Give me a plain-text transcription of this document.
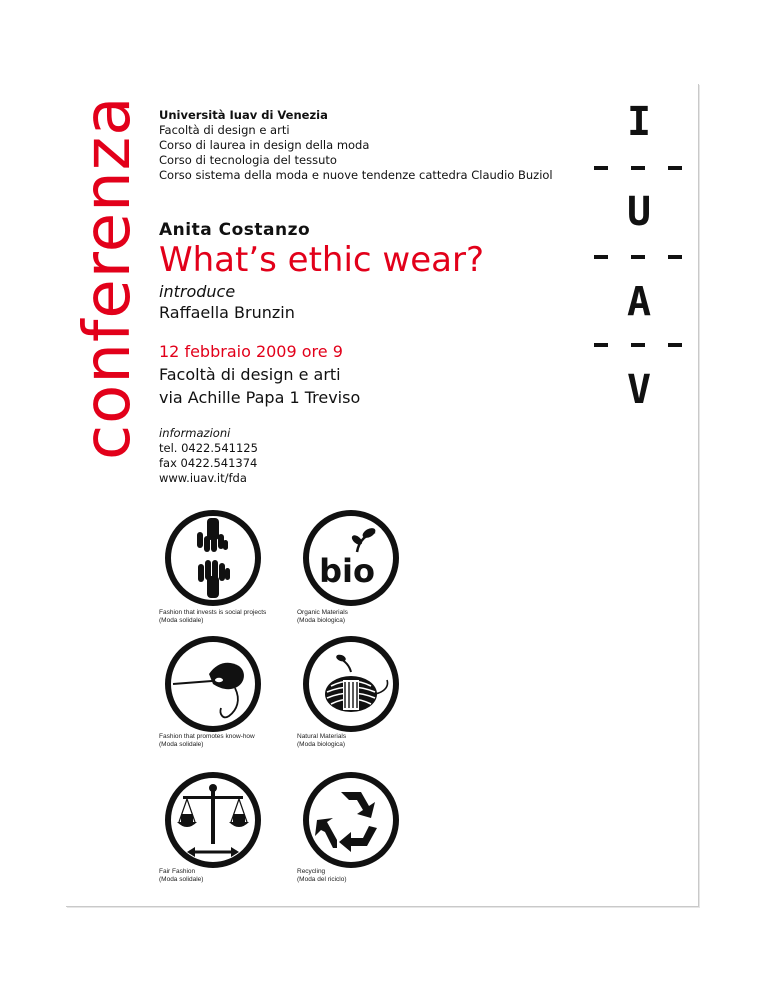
conferenza Università Iuav di Venezia
Facoltà di design e arti
Corso di laurea in design della moda
Corso di tecnologia del tessuto
Corso sistema della moda e nuove tendenze cattedra Claudio Buziol
Anita Costanzo
What’s ethic wear?
introduce
Raffaella Brunzin
12 febbraio 2009 ore 9
Facoltà di design e arti
via Achille Papa 1 Treviso
informazioni
tel. 0422.541125
fax 0422.541374
www.iuav.it/fda
I
U
A
V
Fashion that invests is social projects
(Moda solidale)
bio
Organic Materials
(Moda biologica)
Fashion that promotes know-how
(Moda solidale)
Natural Materials
(Moda biologica)
Fair Fashion
(Moda solidale)
Recycling
(Moda del riciclo)
